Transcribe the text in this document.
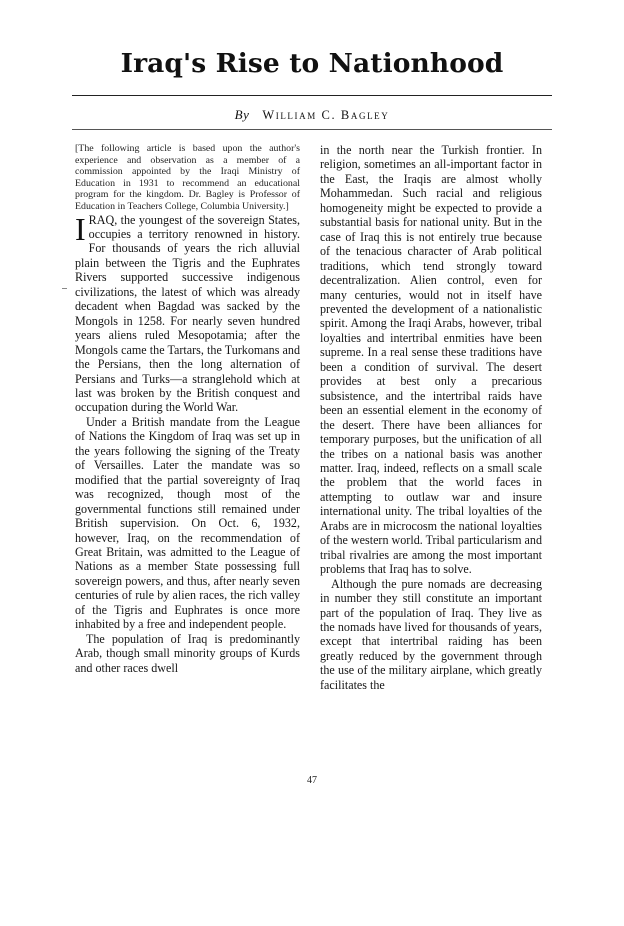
Iraq's Rise to Nationhood
By William C. Bagley

[The following article is based upon the author's experience and observation as a member of a commission appointed by the Iraqi Ministry of Education in 1931 to recommend an educational program for the kingdom. Dr. Bagley is Professor of Education in Teachers College, Columbia University.]

IRAQ, the youngest of the sovereign States, occupies a territory renowned in history. For thousands of years the rich alluvial plain between the Tigris and the Euphrates Rivers supported successive indigenous civilizations, the latest of which was already decadent when Bagdad was sacked by the Mongols in 1258. For nearly seven hundred years aliens ruled Mesopotamia; after the Mongols came the Tartars, the Turkomans and the Persians, then the long alternation of Persians and Turks—a stranglehold which at last was broken by the British conquest and occupation during the World War.

Under a British mandate from the League of Nations the Kingdom of Iraq was set up in the years following the signing of the Treaty of Versailles. Later the mandate was so modified that the partial sovereignty of Iraq was recognized, though most of the governmental functions still remained under British supervision. On Oct. 6, 1932, however, Iraq, on the recommendation of Great Britain, was admitted to the League of Nations as a member State possessing full sovereign powers, and thus, after nearly seven centuries of rule by alien races, the rich valley of the Tigris and Euphrates is once more inhabited by a free and independent people.

The population of Iraq is predominantly Arab, though small minority groups of Kurds and other races dwell

in the north near the Turkish frontier. In religion, sometimes an all-important factor in the East, the Iraqis are almost wholly Mohammedan. Such racial and religious homogeneity might be expected to provide a substantial basis for national unity. But in the case of Iraq this is not entirely true because of the tenacious character of Arab political traditions, which tend strongly toward decentralization. Alien control, even for many centuries, would not in itself have prevented the development of a nationalistic spirit. Among the Iraqi Arabs, however, tribal loyalties and intertribal enmities have been supreme. In a real sense these traditions have been a condition of survival. The desert provides at best only a precarious subsistence, and the intertribal raids have been an essential element in the economy of the desert. There have been alliances for temporary purposes, but the unification of all the tribes on a national basis was another matter. Iraq, indeed, reflects on a small scale the problem that the world faces in attempting to outlaw war and insure international unity. The tribal loyalties of the Arabs are in microcosm the national loyalties of the western world. Tribal particularism and tribal rivalries are among the most important problems that Iraq has to solve.

Although the pure nomads are decreasing in number they still constitute an important part of the population of Iraq. They live as the nomads have lived for thousands of years, except that intertribal raiding has been greatly reduced by the government through the use of the military airplane, which greatly facilitates the

47
